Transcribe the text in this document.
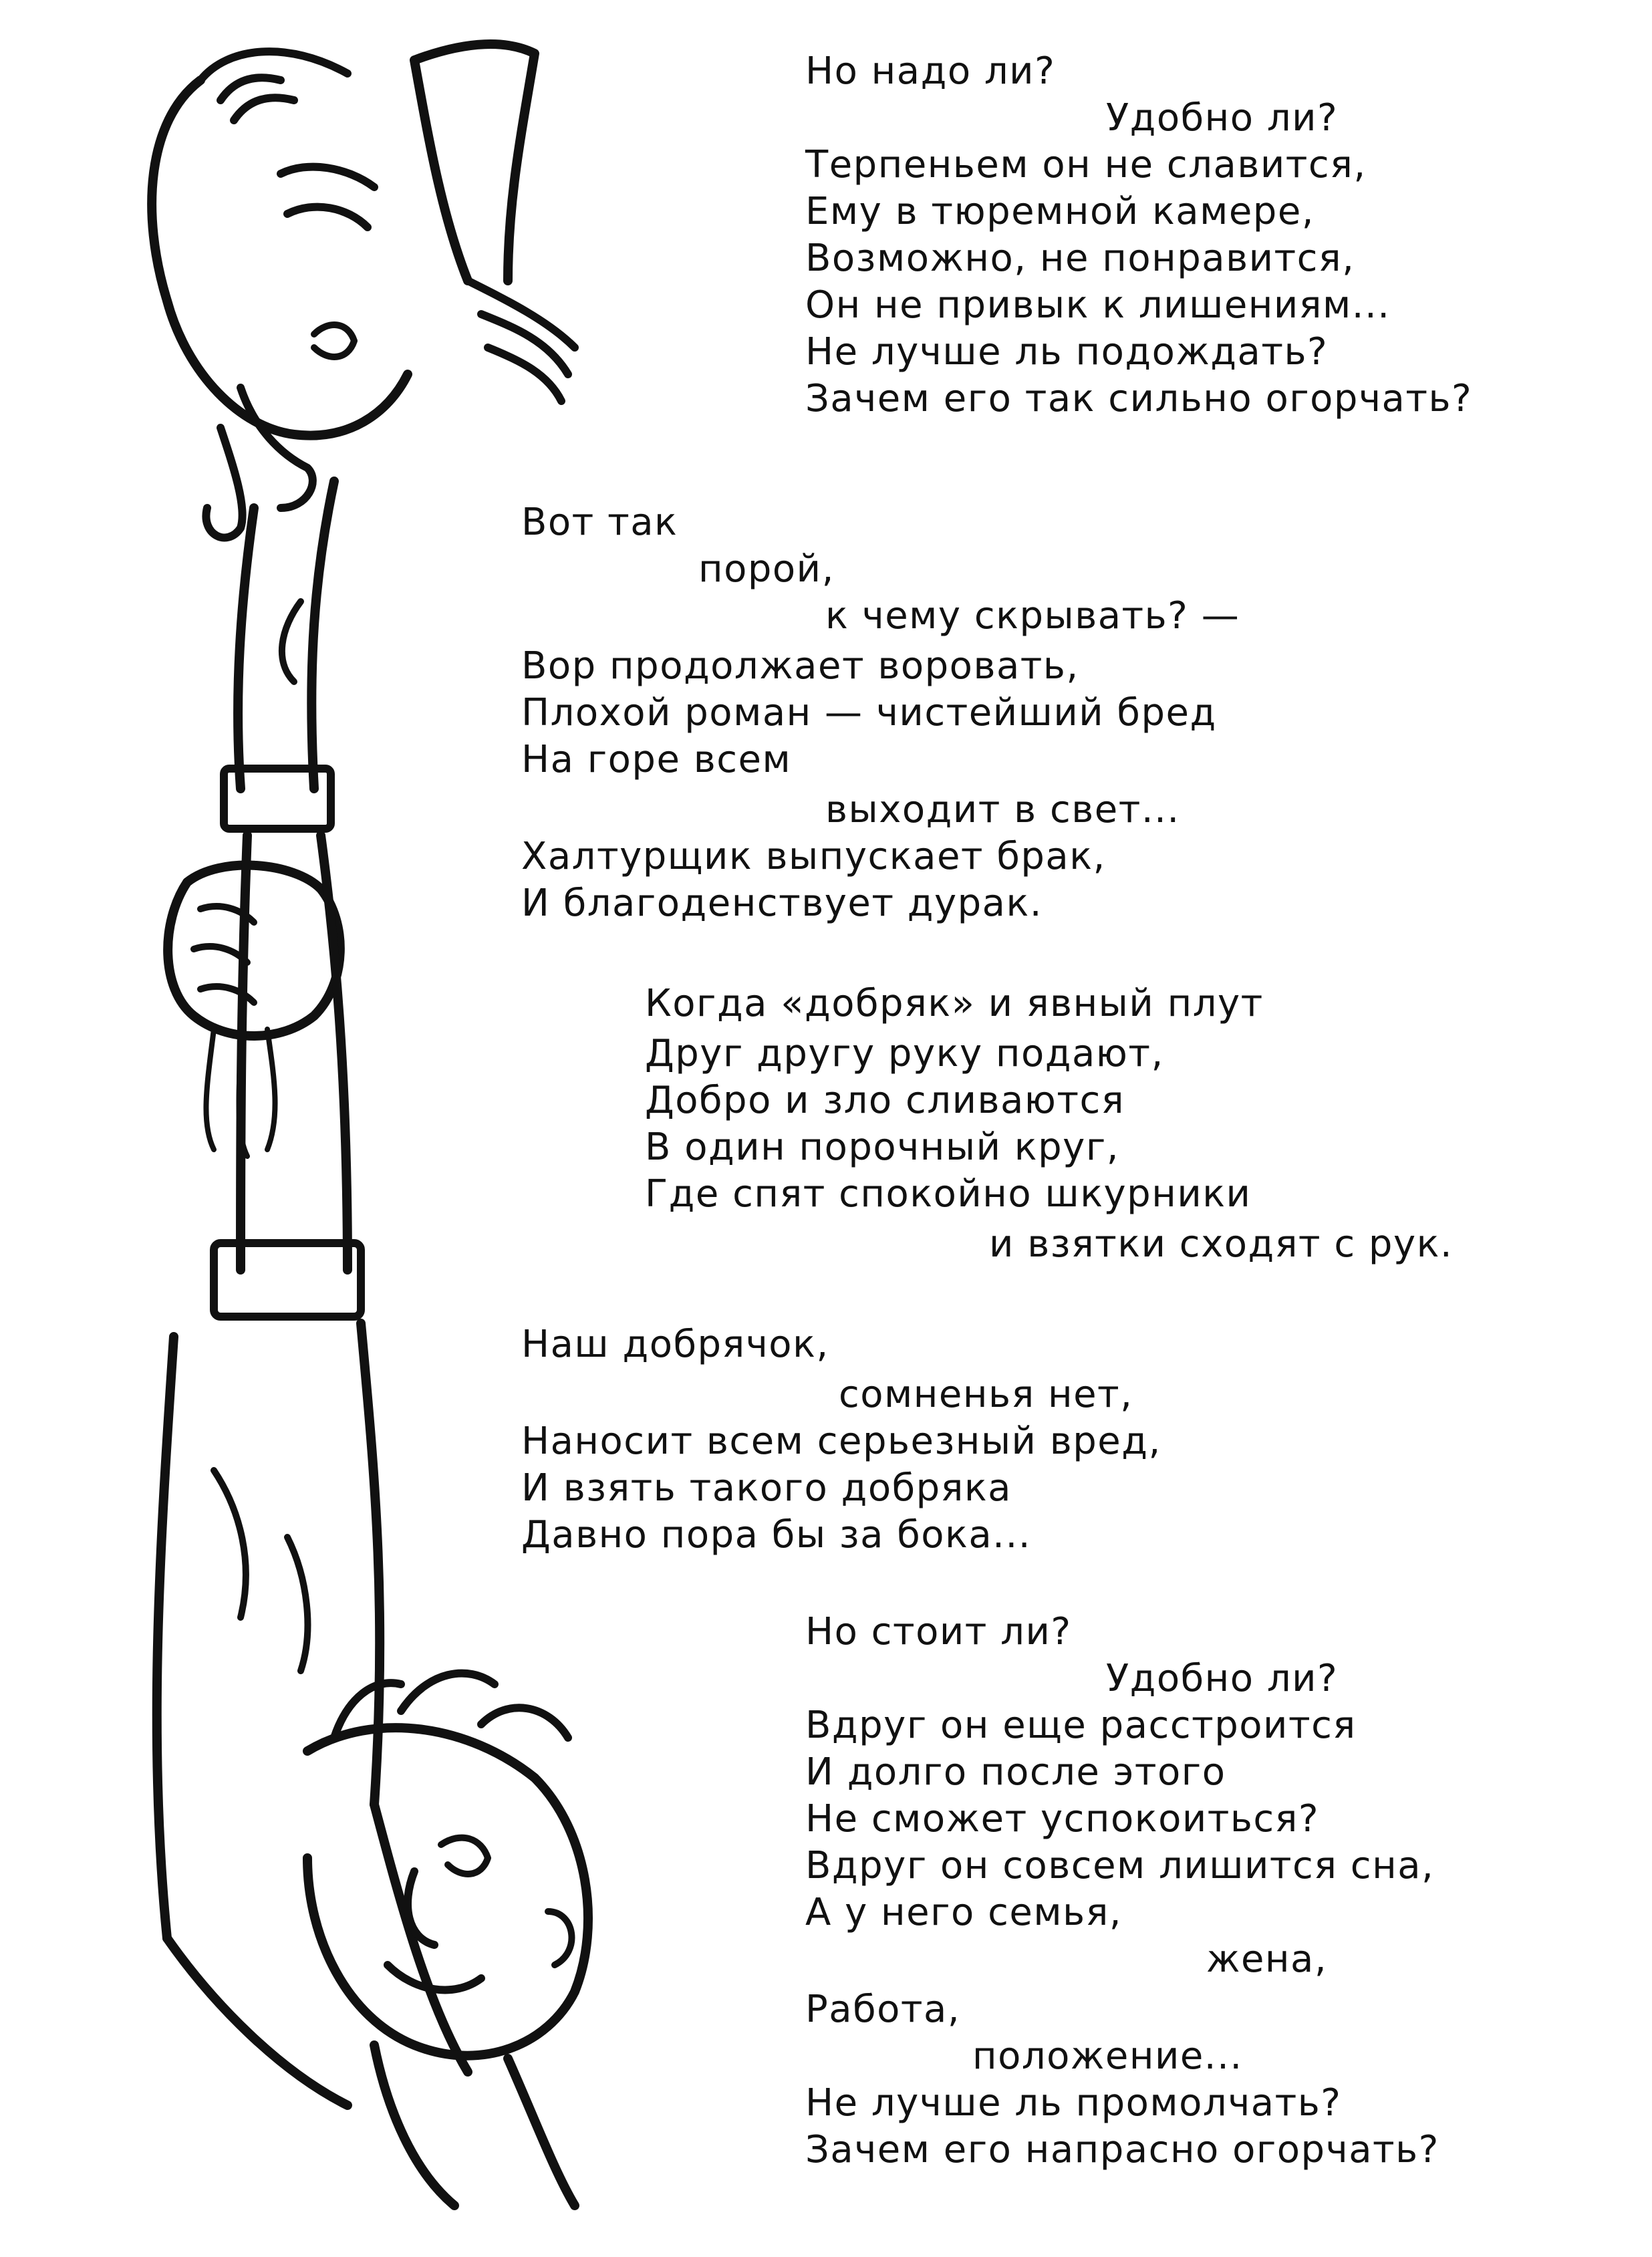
Но надо ли?
Удобно ли?
Терпеньем он не славится,
Ему в тюремной камере,
Возможно, не понравится,
Он не привык к лишениям...
Не лучше ль подождать?
Зачем его так сильно огорчать?
Вот так
порой,
к чему скрывать? —
Вор продолжает воровать,
Плохой роман — чистейший бред
На горе всем
выходит в свет...
Халтурщик выпускает брак,
И благоденствует дурак.
Когда «добряк» и явный плут
Друг другу руку подают,
Добро и зло сливаются
В один порочный круг,
Где спят спокойно шкурники
и взятки сходят с рук.
Наш добрячок,
сомненья нет,
Наносит всем серьезный вред,
И взять такого добряка
Давно пора бы за бока...
Но стоит ли?
Удобно ли?
Вдруг он еще расстроится
И долго после этого
Не сможет успокоиться?
Вдруг он совсем лишится сна,
А у него семья,
жена,
Работа,
положение...
Не лучше ль промолчать?
Зачем его напрасно огорчать?
